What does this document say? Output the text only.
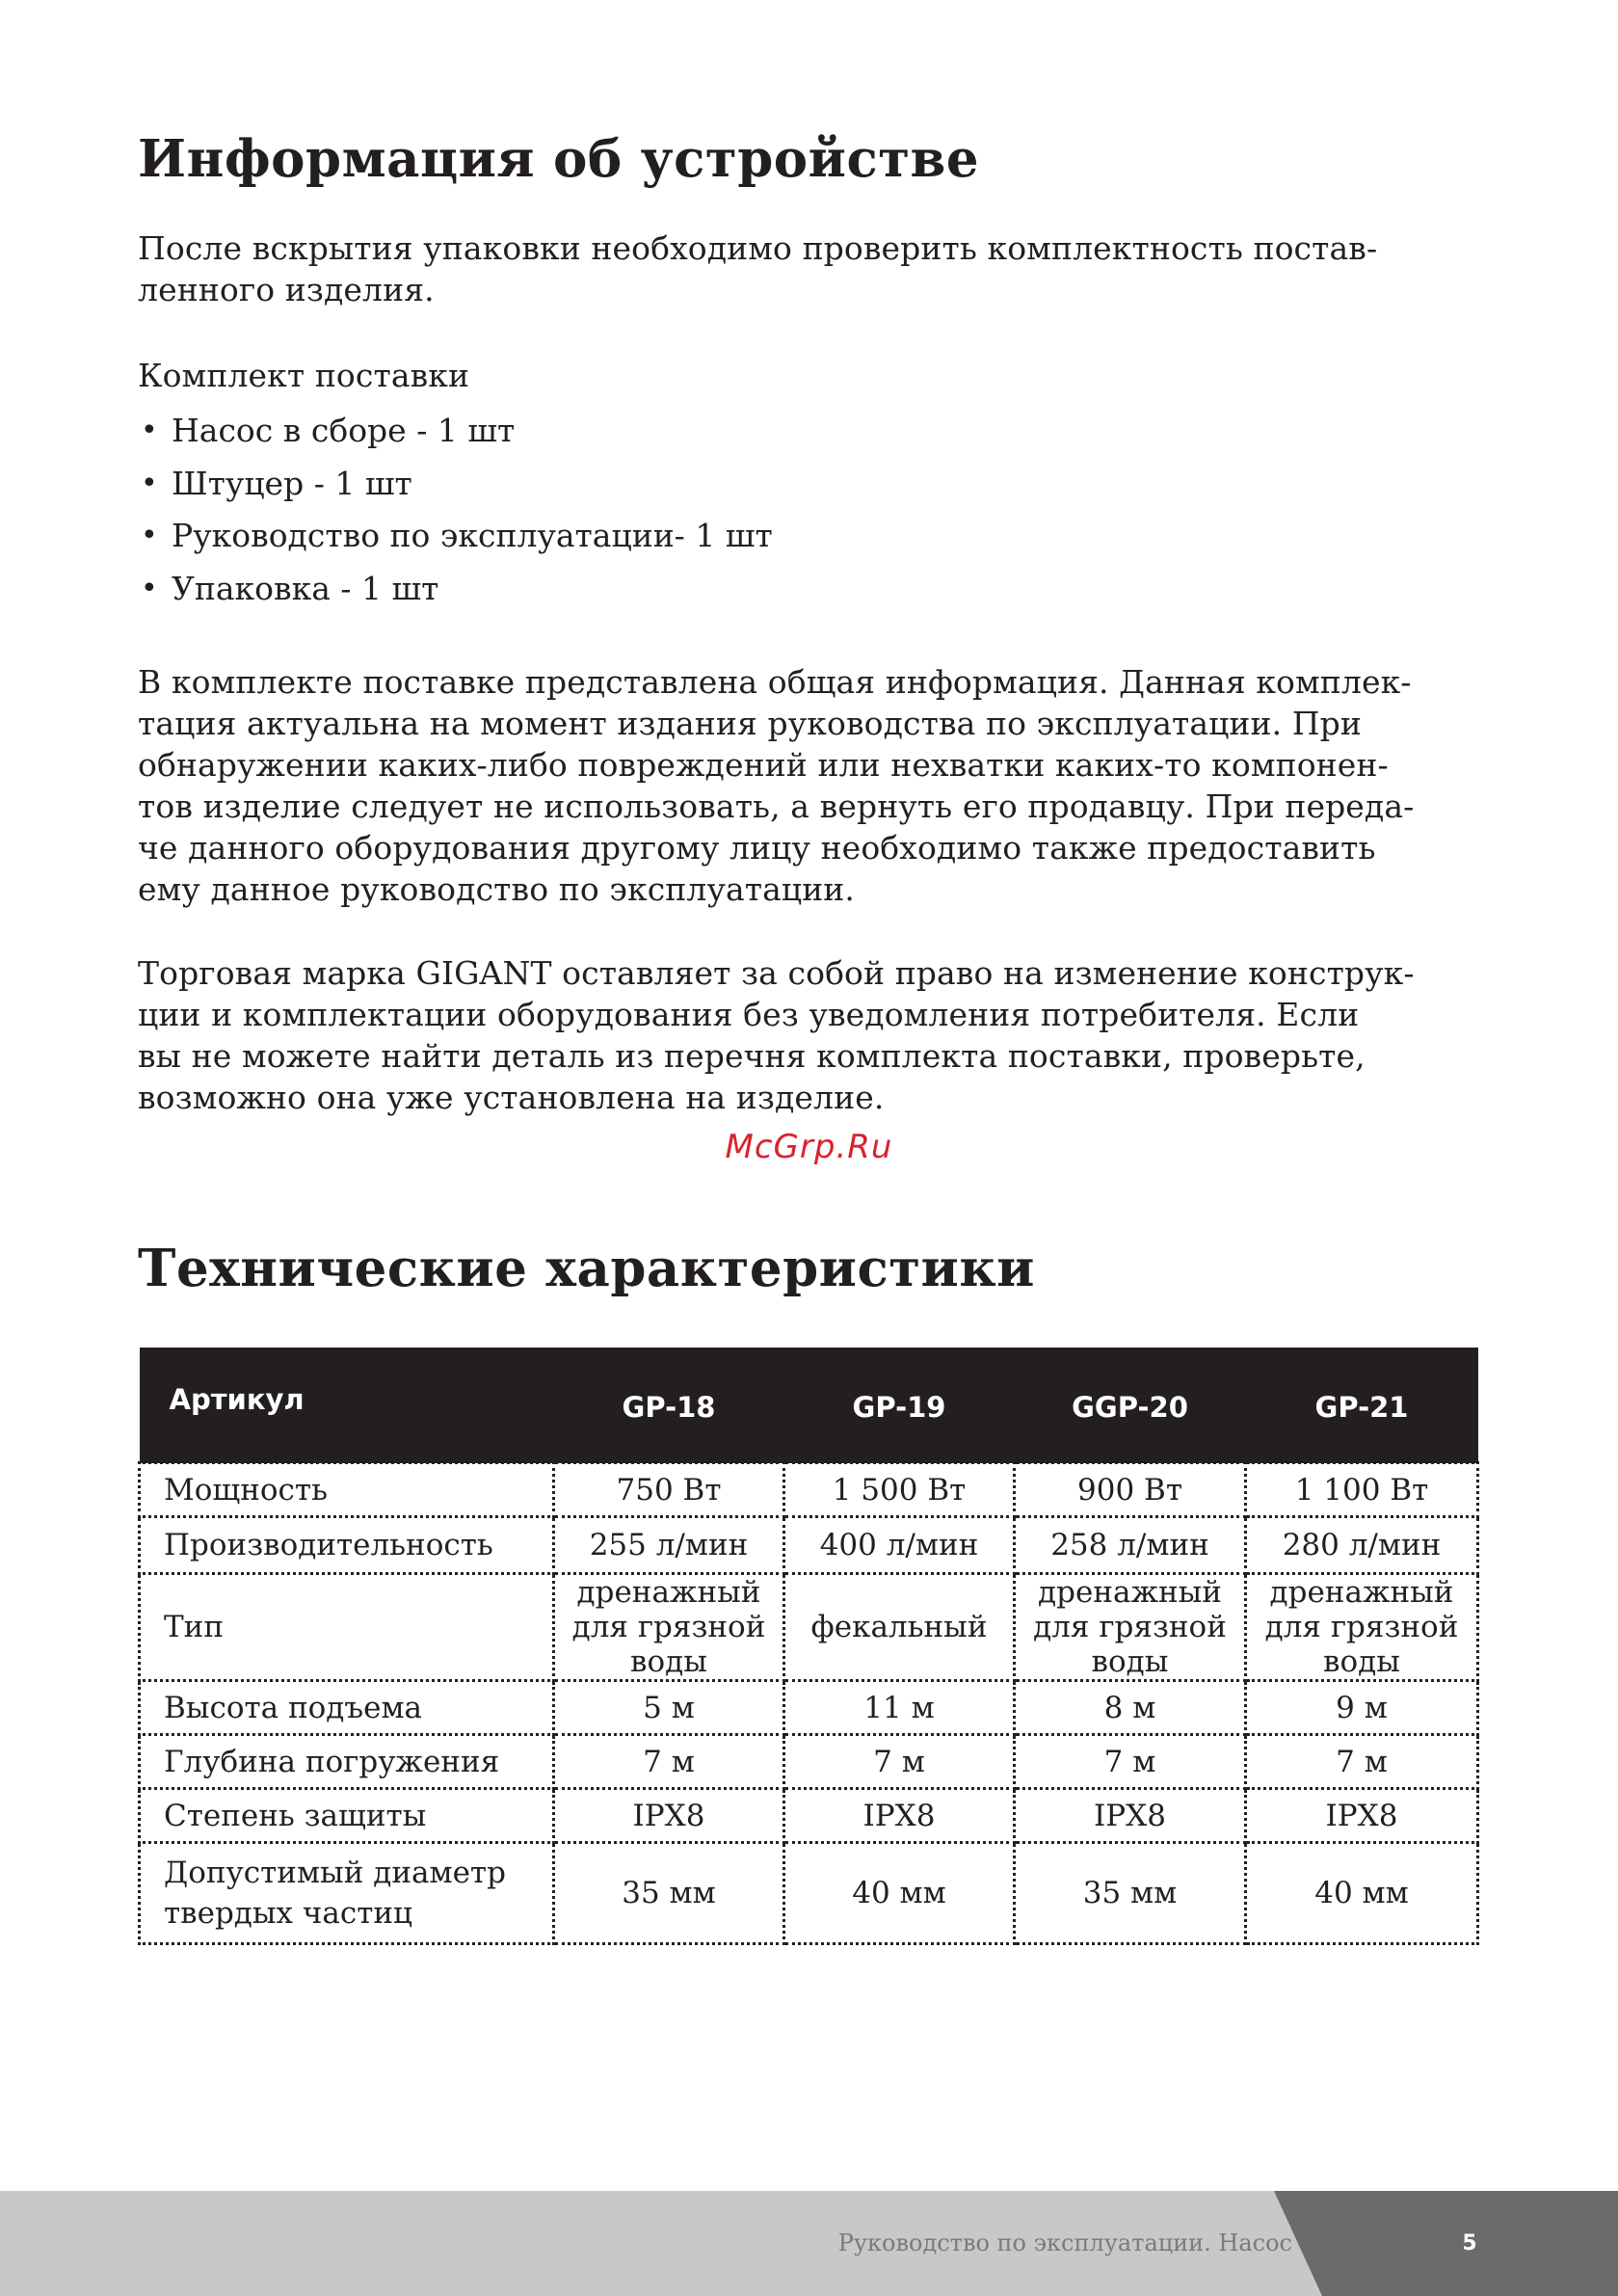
Информация об устройстве

После вскрытия упаковки необходимо проверить комплектность постав-
ленного изделия.

Комплект поставки

• Насос в сборе - 1 шт
• Штуцер - 1 шт
• Руководство по эксплуатации- 1 шт
• Упаковка - 1 шт

В комплекте поставке представлена общая информация. Данная комплек-
тация актуальна на момент издания руководства по эксплуатации. При
обнаружении каких-либо повреждений или нехватки каких-то компонен-
тов изделие следует не использовать, а вернуть его продавцу. При переда-
че данного оборудования другому лицу необходимо также предоставить
ему данное руководство по эксплуатации.

Торговая марка GIGANT оставляет за собой право на изменение конструк-
ции и комплектации оборудования без уведомления потребителя. Если
вы не можете найти деталь из перечня комплекта поставки, проверьте,
возможно она уже установлена на изделие.

McGrp.Ru
Технические характеристики
Артикул	GP-18	GP-19	GGP-20	GP-21
Мощность	750 Вт	1 500 Вт	900 Вт	1 100 Вт
Производительность	255 л/мин	400 л/мин	258 л/мин	280 л/мин
Тип	дренажный
для грязной
воды	фекальный	дренажный
для грязной
воды	дренажный
для грязной
воды

Высота подъема	5 м	11 м	8 м	9 м
Глубина погружения	7 м	7 м	7 м	7 м
Степень защиты	IPX8	IPX8	IPX8	IPX8

Допустимый диаметр
твердых частиц	35 мм	40 мм	35 мм	40 мм
Руководство по эксплуатации. Насос	5
